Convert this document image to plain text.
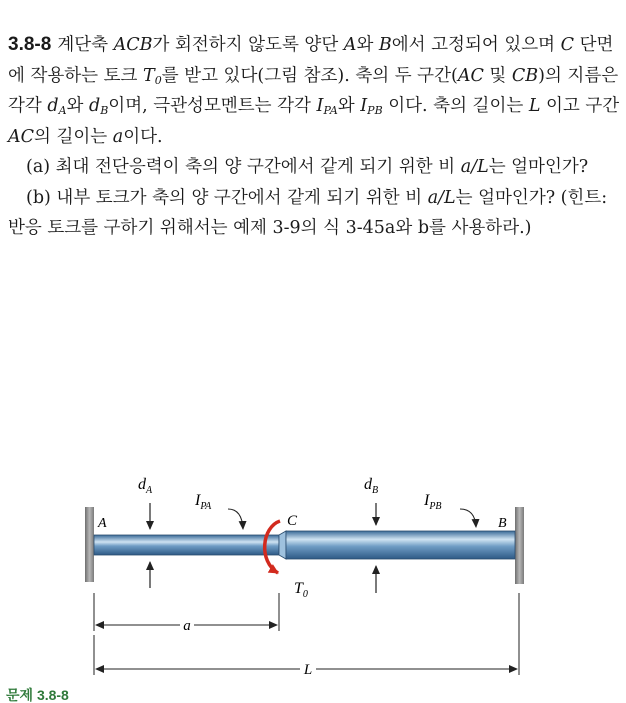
3.8-8 계단축 ACB가 회전하지 않도록 양단 A와 B에서 고정되어 있으며 C 단면에 작용하는 토크 $T_0$를 받고 있다(그림 참조). 축의 두 구간(AC 및 CB)의 지름은 각각 $d_A$와 $d_B$이며, 극관성모멘트는 각각 $I_{PA}$와 $I_{PB}$ 이다. 축의 길이는 L 이고 구간 AC의 길이는 a이다.

(a) 최대 전단응력이 축의 양 구간에서 같게 되기 위한 비 a/L는 얼마인가?

(b) 내부 토크가 축의 양 구간에서 같게 되기 위한 비 a/L는 얼마인가? (힌트: 반응 토크를 구하기 위해서는 예제 3-9의 식 3-45a와 b를 사용하라.)

$d_A$
$I_{PA}$
A	C
$d_B$
$I_{PB}$
B
$T_0$
a
L
문제 3.8-8
